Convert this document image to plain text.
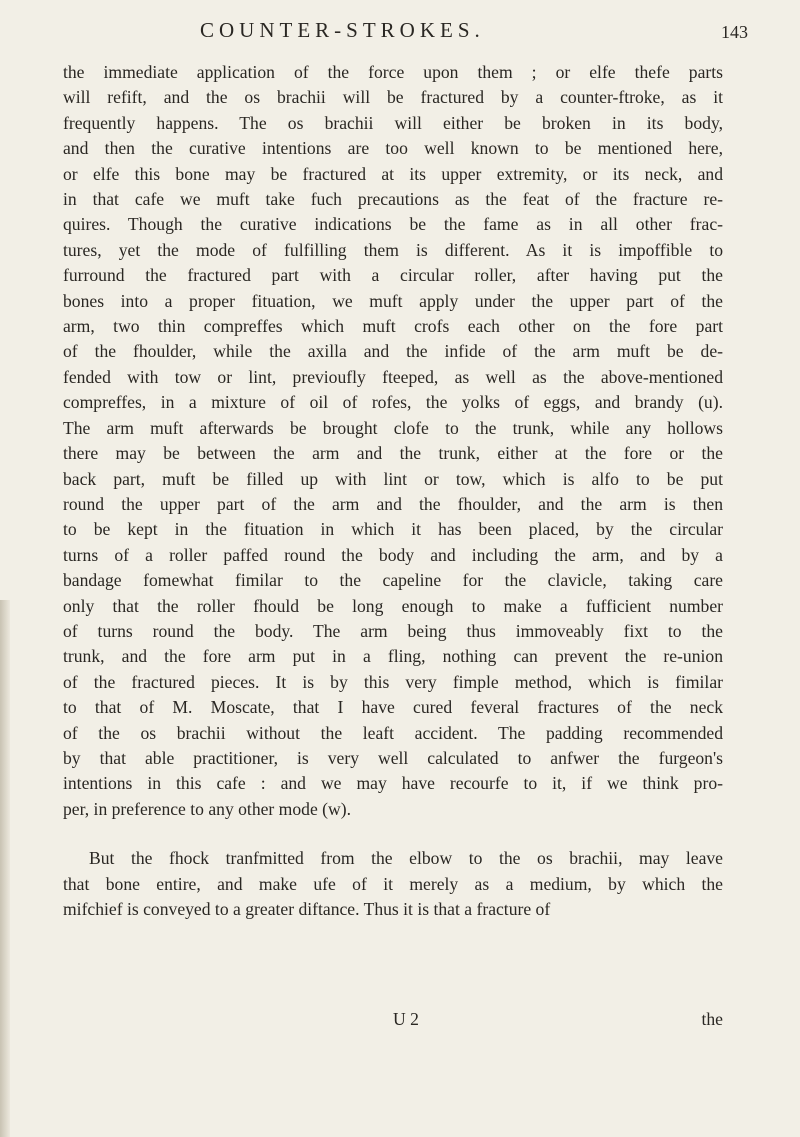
COUNTER-STROKES.	143
the immediate application of the force upon them ; or elfe thefe parts
will refift, and the os brachii will be fractured by a counter-ftroke, as it
frequently happens. The os brachii will either be broken in its body,
and then the curative intentions are too well known to be mentioned here,
or elfe this bone may be fractured at its upper extremity, or its neck, and
in that cafe we muft take fuch precautions as the feat of the fracture re-
quires. Though the curative indications be the fame as in all other frac-
tures, yet the mode of fulfilling them is different. As it is impoffible to
furround the fractured part with a circular roller, after having put the
bones into a proper fituation, we muft apply under the upper part of the
arm, two thin compreffes which muft crofs each other on the fore part
of the fhoulder, while the axilla and the infide of the arm muft be de-
fended with tow or lint, previoufly fteeped, as well as the above-mentioned
compreffes, in a mixture of oil of rofes, the yolks of eggs, and brandy (u).
The arm muft afterwards be brought clofe to the trunk, while any hollows
there may be between the arm and the trunk, either at the fore or the
back part, muft be filled up with lint or tow, which is alfo to be put
round the upper part of the arm and the fhoulder, and the arm is then
to be kept in the fituation in which it has been placed, by the circular
turns of a roller paffed round the body and including the arm, and by a
bandage fomewhat fimilar to the capeline for the clavicle, taking care
only that the roller fhould be long enough to make a fufficient number
of turns round the body. The arm being thus immoveably fixt to the
trunk, and the fore arm put in a fling, nothing can prevent the re-union
of the fractured pieces. It is by this very fimple method, which is fimilar
to that of M. Moscate, that I have cured feveral fractures of the neck
of the os brachii without the leaft accident. The padding recommended
by that able practitioner, is very well calculated to anfwer the furgeon's
intentions in this cafe : and we may have recourfe to it, if we think pro-
per, in preference to any other mode (w).
But the fhock tranfmitted from the elbow to the os brachii, may leave
that bone entire, and make ufe of it merely as a medium, by which the
mifchief is conveyed to a greater diftance. Thus it is that a fracture of
U 2	the
